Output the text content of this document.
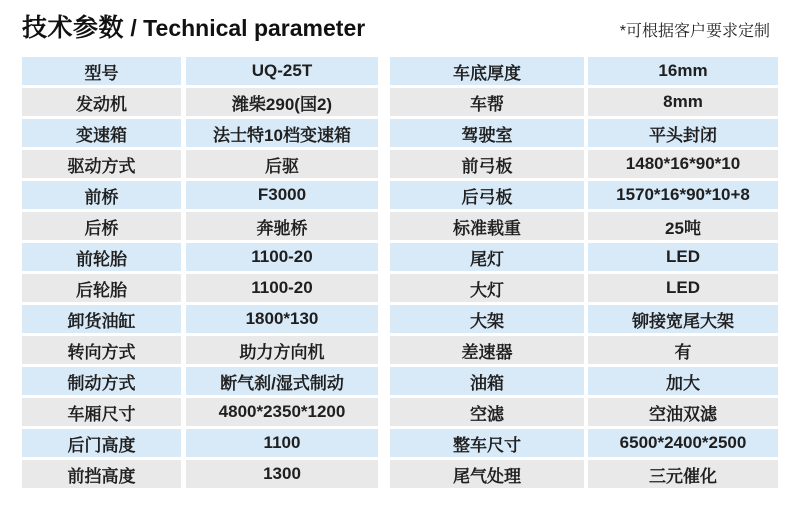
技术参数 / Technical parameter	*可根据客户要求定制
型号	UQ-25T
发动机	潍柴290(国2)
变速箱	法士特10档变速箱
驱动方式	后驱
前桥	F3000
后桥	奔驰桥
前轮胎	1100-20
后轮胎	1100-20
卸货油缸	1800*130
转向方式	助力方向机
制动方式	断气刹/湿式制动
车厢尺寸	4800*2350*1200
后门高度	1100
前挡高度	1300
车底厚度	16mm
车帮	8mm
驾驶室	平头封闭
前弓板	1480*16*90*10
后弓板	1570*16*90*10+8
标准载重	25吨
尾灯	LED
大灯	LED
大架	铆接宽尾大架
差速器	有
油箱	加大
空滤	空油双滤
整车尺寸	6500*2400*2500
尾气处理	三元催化
